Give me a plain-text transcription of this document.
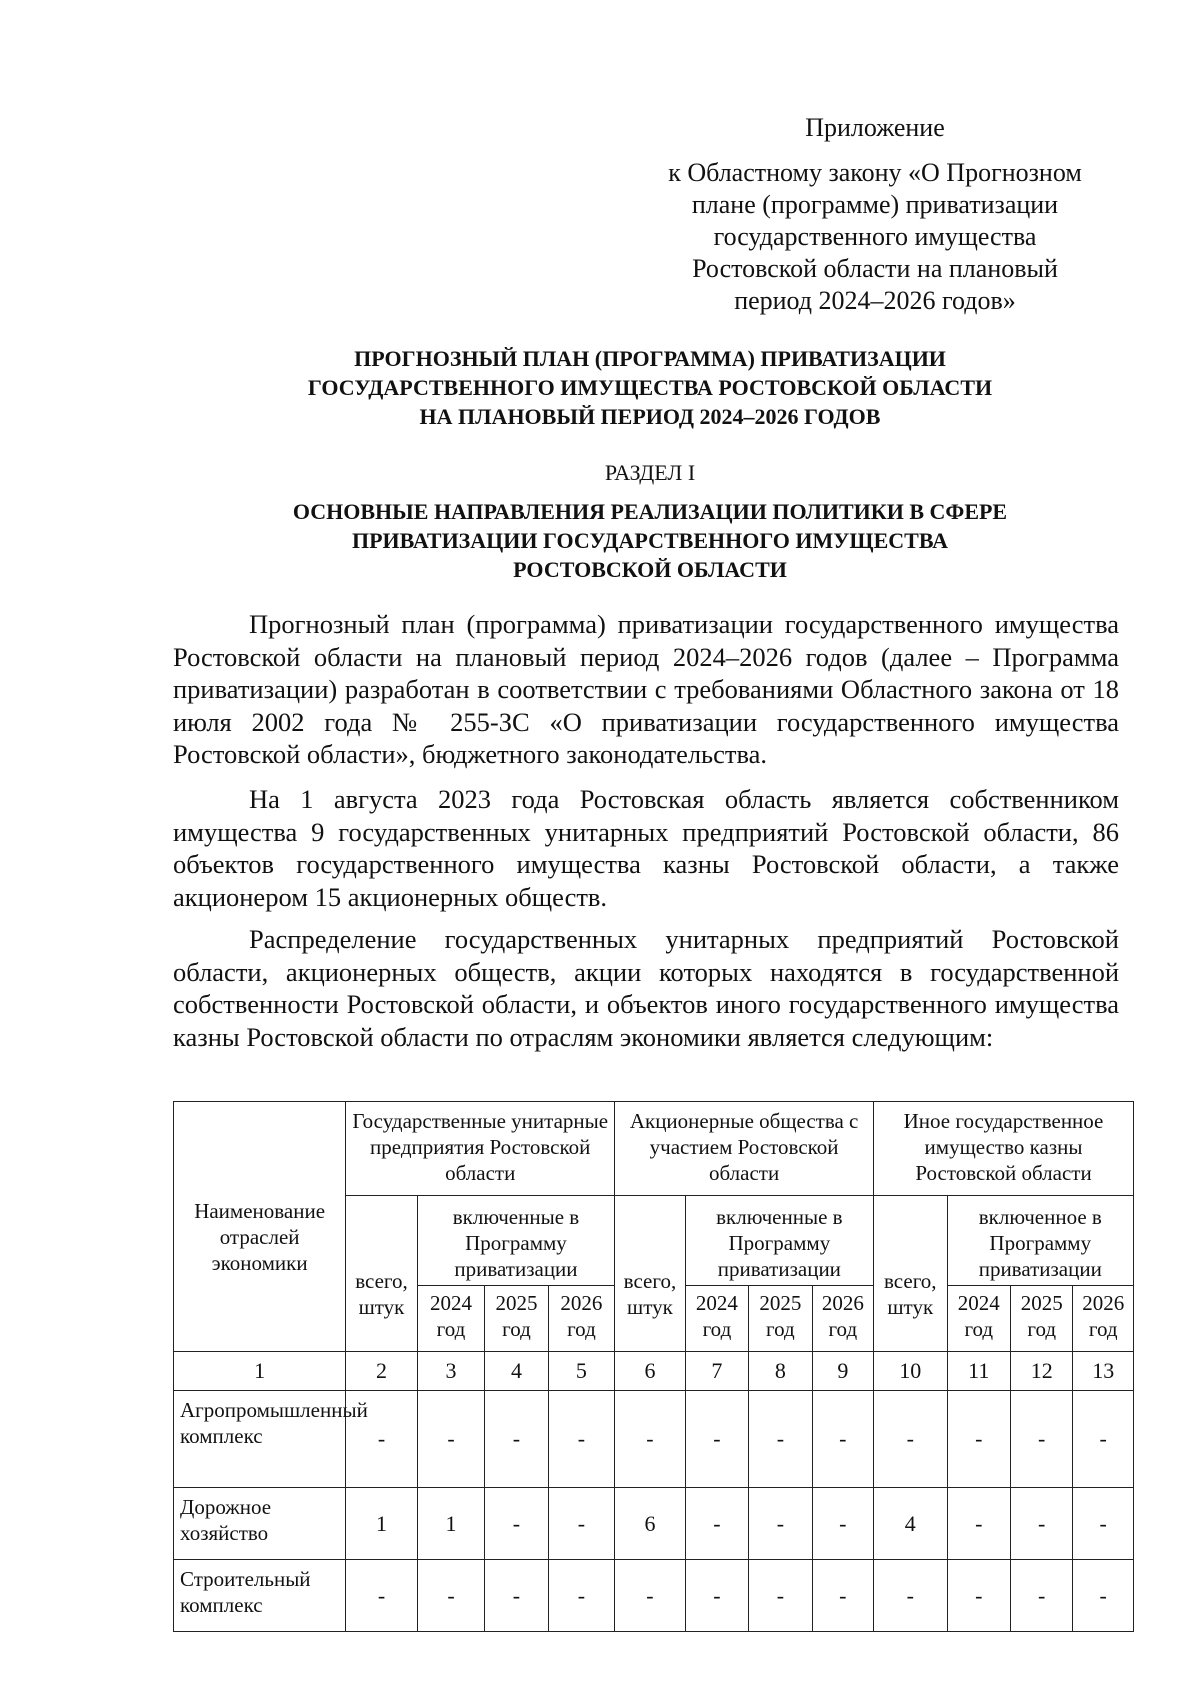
Приложение
к Областному закону «О Прогнозном
плане (программе) приватизации
государственного имущества
Ростовской области на плановый
период 2024–2026 годов»
ПРОГНОЗНЫЙ ПЛАН (ПРОГРАММА) ПРИВАТИЗАЦИИ
ГОСУДАРСТВЕННОГО ИМУЩЕСТВА РОСТОВСКОЙ ОБЛАСТИ
НА ПЛАНОВЫЙ ПЕРИОД 2024–2026 ГОДОВ
РАЗДЕЛ I
ОСНОВНЫЕ НАПРАВЛЕНИЯ РЕАЛИЗАЦИИ ПОЛИТИКИ В СФЕРЕ
ПРИВАТИЗАЦИИ ГОСУДАРСТВЕННОГО ИМУЩЕСТВА
РОСТОВСКОЙ ОБЛАСТИ
Прогнозный план (программа) приватизации государственного имущества Ростовской области на плановый период 2024–2026 годов (далее – Программа приватизации) разработан в соответствии с требованиями Областного закона от 18 июля 2002 года № 255-ЗС «О приватизации государственного имущества Ростовской области», бюджетного законодательства.
На 1 августа 2023 года Ростовская область является собственником имущества 9 государственных унитарных предприятий Ростовской области, 86 объектов государственного имущества казны Ростовской области, а также акционером 15 акционерных обществ.
Распределение государственных унитарных предприятий Ростовской области, акционерных обществ, акции которых находятся в государственной собственности Ростовской области, и объектов иного государственного имущества казны Ростовской области по отраслям экономики является следующим:
Наименование отраслей экономики	Государственные унитарные предприятия Ростовской области				Акционерные общества с участием Ростовской области				Иное государственное имущество казны Ростовской области			
	всего, штук	включенные в Программу приватизации			всего, штук	включенные в Программу приватизации			всего, штук	включенное в Программу приватизации		
		2024 год	2025 год	2026 год		2024 год	2025 год	2026 год		2024 год	2025 год	2026 год
1	2	3	4	5	6	7	8	9	10	11	12	13
Агропромышленный комплекс	-	-	-	-	-	-	-	-	-	-	-	-
Дорожное хозяйство	1	1	-	-	6	-	-	-	4	-	-	-
Строительный комплекс	-	-	-	-	-	-	-	-	-	-	-	-
